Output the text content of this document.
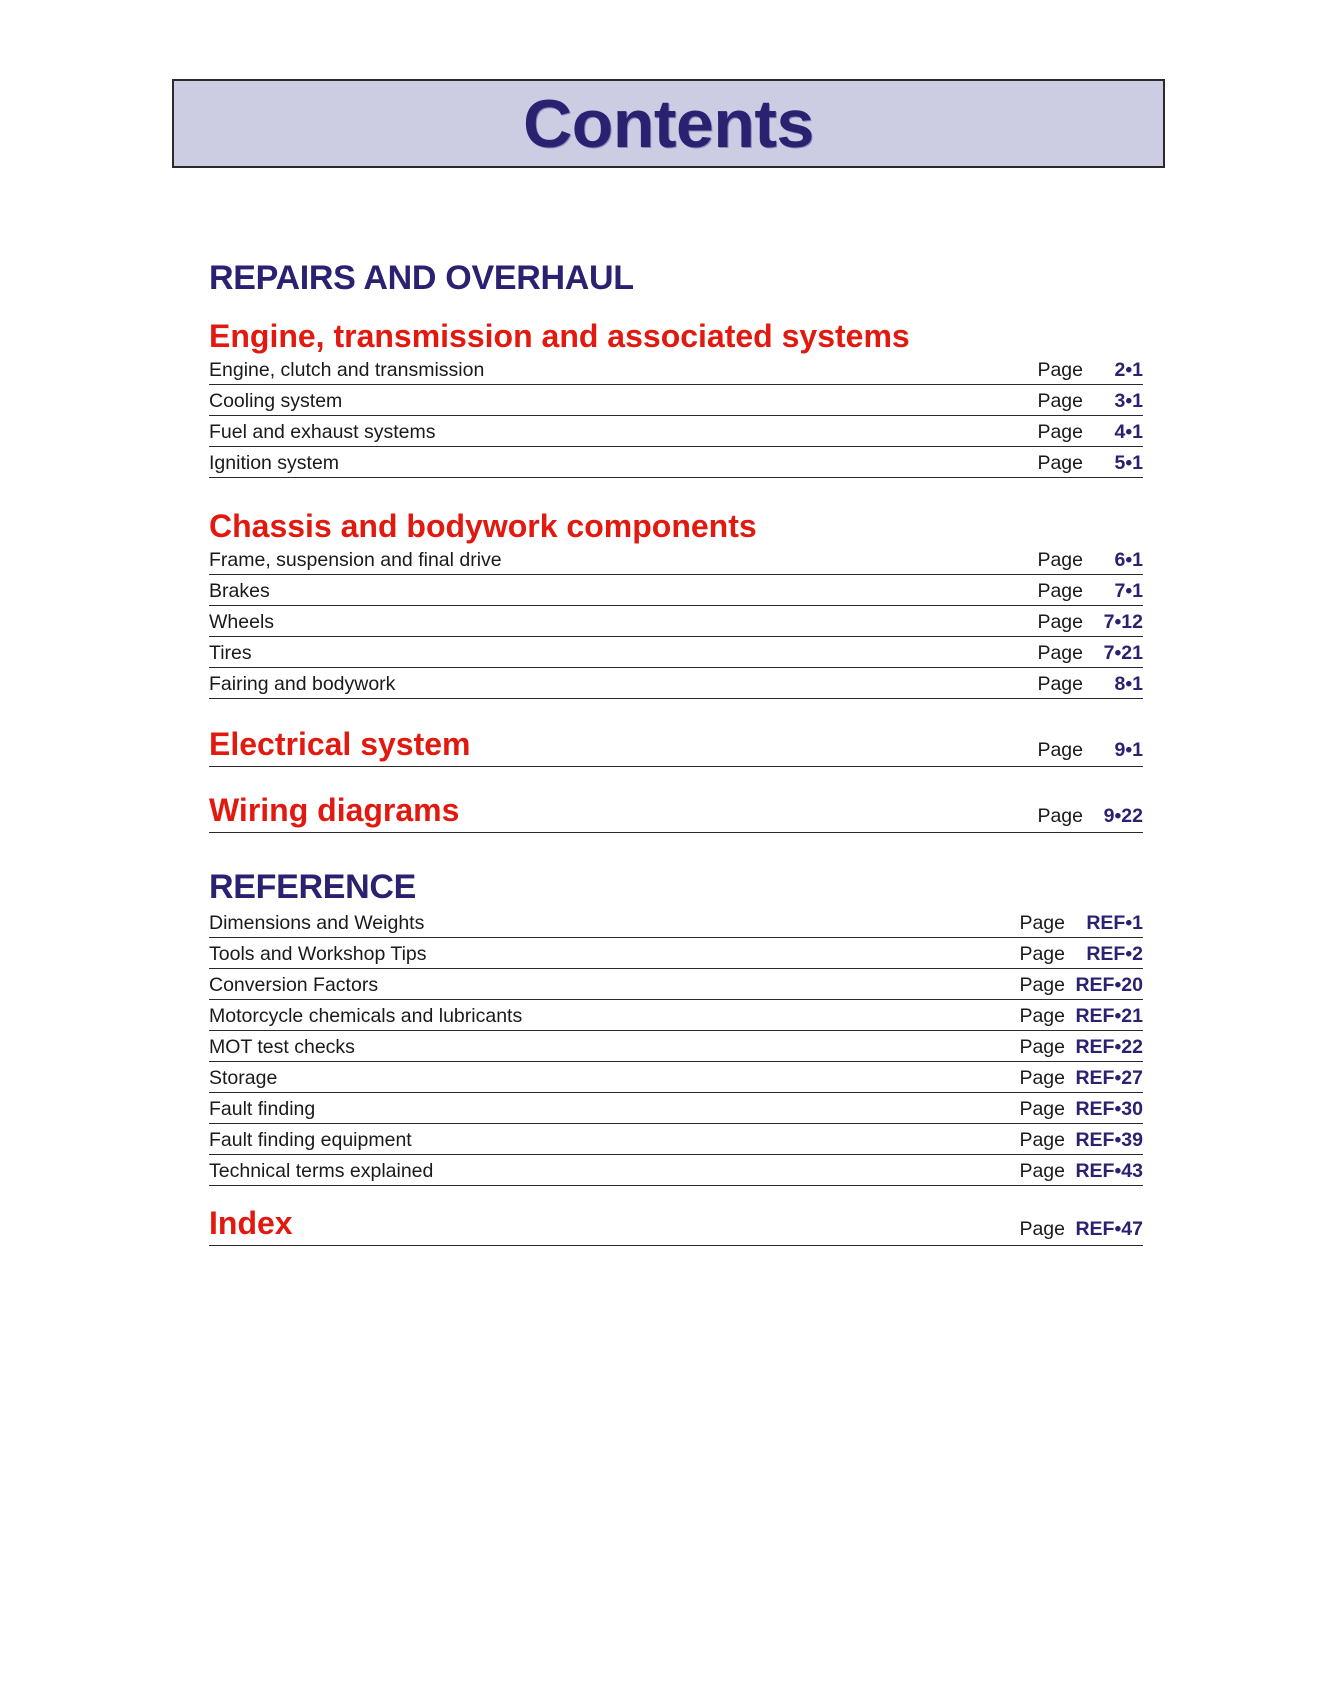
Contents
REPAIRS AND OVERHAUL
Engine, transmission and associated systems
Engine, clutch and transmission	Page	2•1
Cooling system	Page	3•1
Fuel and exhaust systems	Page	4•1
Ignition system	Page	5•1
Chassis and bodywork components
Frame, suspension and final drive	Page	6•1
Brakes	Page	7•1
Wheels	Page	7•12
Tires	Page	7•21
Fairing and bodywork	Page	8•1
Electrical system	Page	9•1
Wiring diagrams	Page	9•22
REFERENCE
Dimensions and Weights	Page	REF•1
Tools and Workshop Tips	Page	REF•2
Conversion Factors	Page REF•20
Motorcycle chemicals and lubricants	Page REF•21
MOT test checks	Page REF•22
Storage	Page REF•27
Fault finding	Page REF•30
Fault finding equipment	Page REF•39
Technical terms explained	Page REF•43
Index	Page REF•47
